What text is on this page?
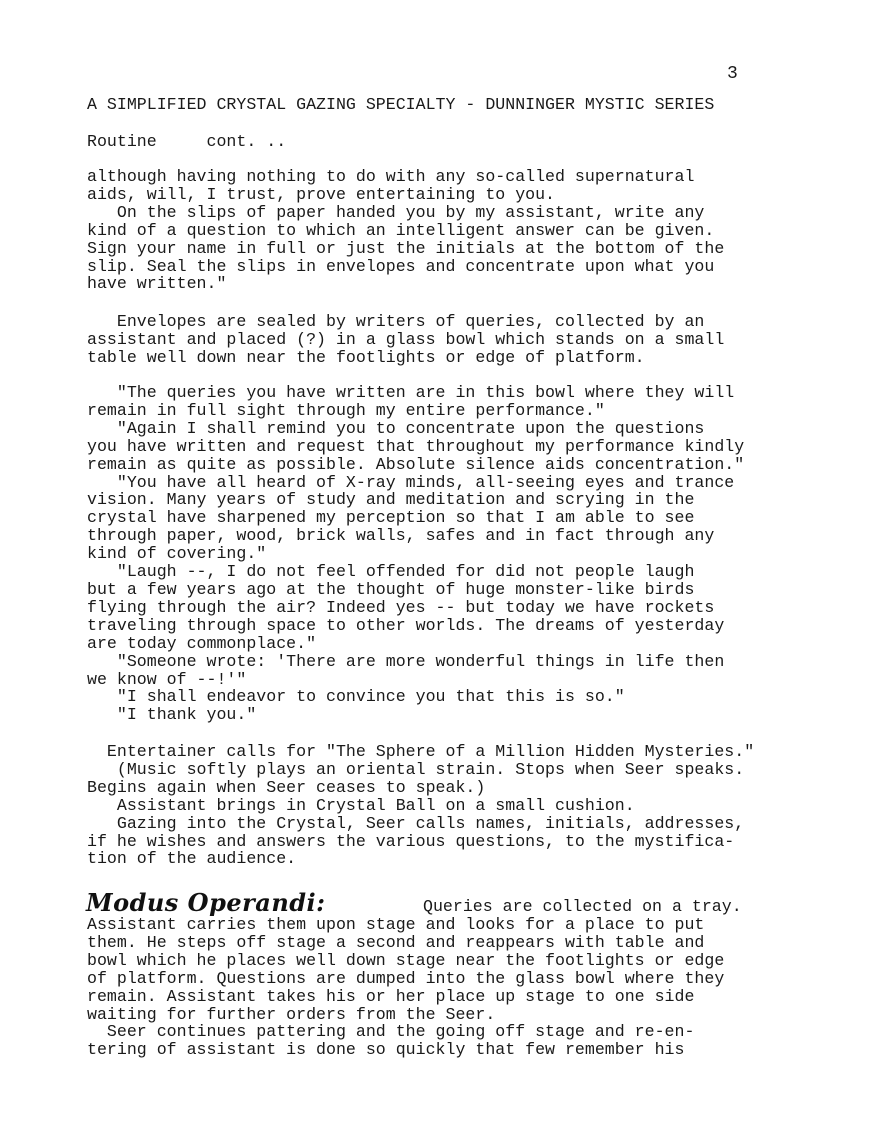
3
A SIMPLIFIED CRYSTAL GAZING SPECIALTY - DUNNINGER MYSTIC SERIES
Routine     cont. ..
although having nothing to do with any so-called supernatural
aids, will, I trust, prove entertaining to you.
On the slips of paper handed you by my assistant, write any
kind of a question to which an intelligent answer can be given.
Sign your name in full or just the initials at the bottom of the
slip. Seal the slips in envelopes and concentrate upon what you
have written."
Envelopes are sealed by writers of queries, collected by an
assistant and placed (?) in a glass bowl which stands on a small
table well down near the footlights or edge of platform.
"The queries you have written are in this bowl where they will
remain in full sight through my entire performance."
"Again I shall remind you to concentrate upon the questions
you have written and request that throughout my performance kindly
remain as quite as possible. Absolute silence aids concentration."
"You have all heard of X-ray minds, all-seeing eyes and trance
vision. Many years of study and meditation and scrying in the
crystal have sharpened my perception so that I am able to see
through paper, wood, brick walls, safes and in fact through any
kind of covering."
"Laugh --, I do not feel offended for did not people laugh
but a few years ago at the thought of huge monster-like birds
flying through the air? Indeed yes -- but today we have rockets
traveling through space to other worlds. The dreams of yesterday
are today commonplace."
"Someone wrote: 'There are more wonderful things in life then
we know of --!'"
"I shall endeavor to convince you that this is so."
"I thank you."
Entertainer calls for "The Sphere of a Million Hidden Mysteries."
(Music softly plays an oriental strain. Stops when Seer speaks.
Begins again when Seer ceases to speak.)
Assistant brings in Crystal Ball on a small cushion.
Gazing into the Crystal, Seer calls names, initials, addresses,
if he wishes and answers the various questions, to the mystifica-
tion of the audience.
Modus Operandi:	Queries are collected on a tray.
Assistant carries them upon stage and looks for a place to put
them. He steps off stage a second and reappears with table and
bowl which he places well down stage near the footlights or edge
of platform. Questions are dumped into the glass bowl where they
remain. Assistant takes his or her place up stage to one side
waiting for further orders from the Seer.
Seer continues pattering and the going off stage and re-en-
tering of assistant is done so quickly that few remember his
